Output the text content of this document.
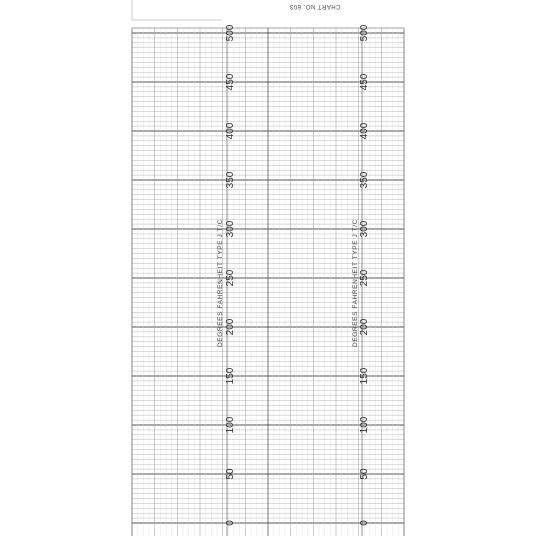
CHART NO. 603
500
450
400
350
300
250
200
150
100
50
0
500
450
400
350
300
250
200
150
100
50
0
DEGREES FAHRENHEIT TYPE J T/C	DEGREES FAHRENHEIT TYPE J T/C
